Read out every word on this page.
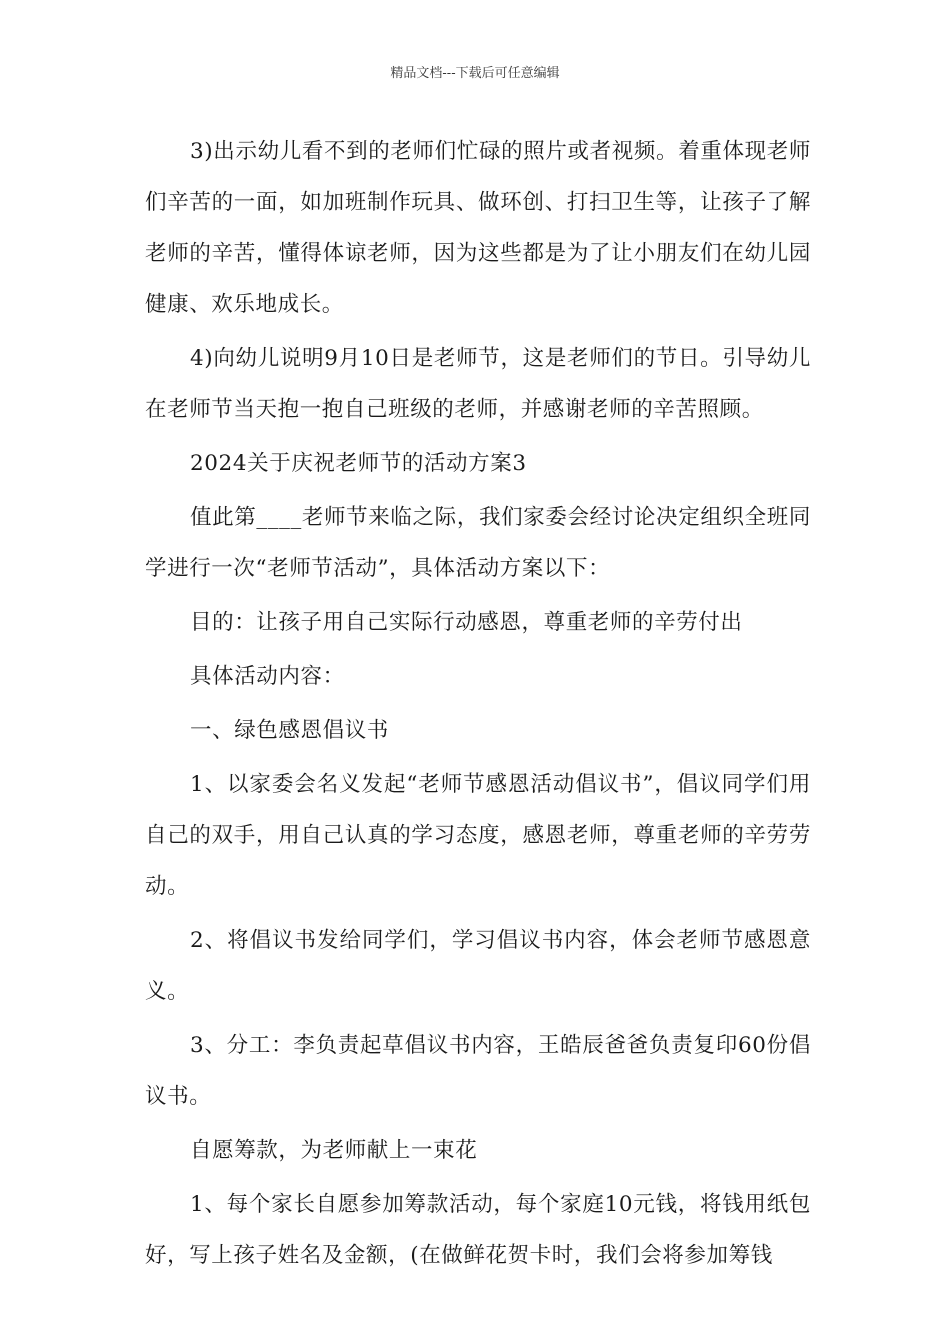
精品文档---下载后可任意编辑

3)出示幼儿看不到的老师们忙碌的照片或者视频。着重体现老师们辛苦的一面，如加班制作玩具、做环创、打扫卫生等，让孩子了解老师的辛苦，懂得体谅老师，因为这些都是为了让小朋友们在幼儿园健康、欢乐地成长。

4)向幼儿说明9月10日是老师节，这是老师们的节日。引导幼儿在老师节当天抱一抱自己班级的老师，并感谢老师的辛苦照顾。

2024关于庆祝老师节的活动方案3

值此第____老师节来临之际，我们家委会经讨论决定组织全班同学进行一次“老师节活动”，具体活动方案以下：

目的：让孩子用自己实际行动感恩，尊重老师的辛劳付出

具体活动内容：

一、绿色感恩倡议书

1、以家委会名义发起“老师节感恩活动倡议书”，倡议同学们用自己的双手，用自己认真的学习态度，感恩老师，尊重老师的辛劳劳动。

2、将倡议书发给同学们，学习倡议书内容，体会老师节感恩意义。

3、分工：李负责起草倡议书内容，王皓辰爸爸负责复印60份倡议书。

自愿筹款，为老师献上一束花

1、每个家长自愿参加筹款活动，每个家庭10元钱，将钱用纸包好，写上孩子姓名及金额，(在做鲜花贺卡时，我们会将参加筹钱
